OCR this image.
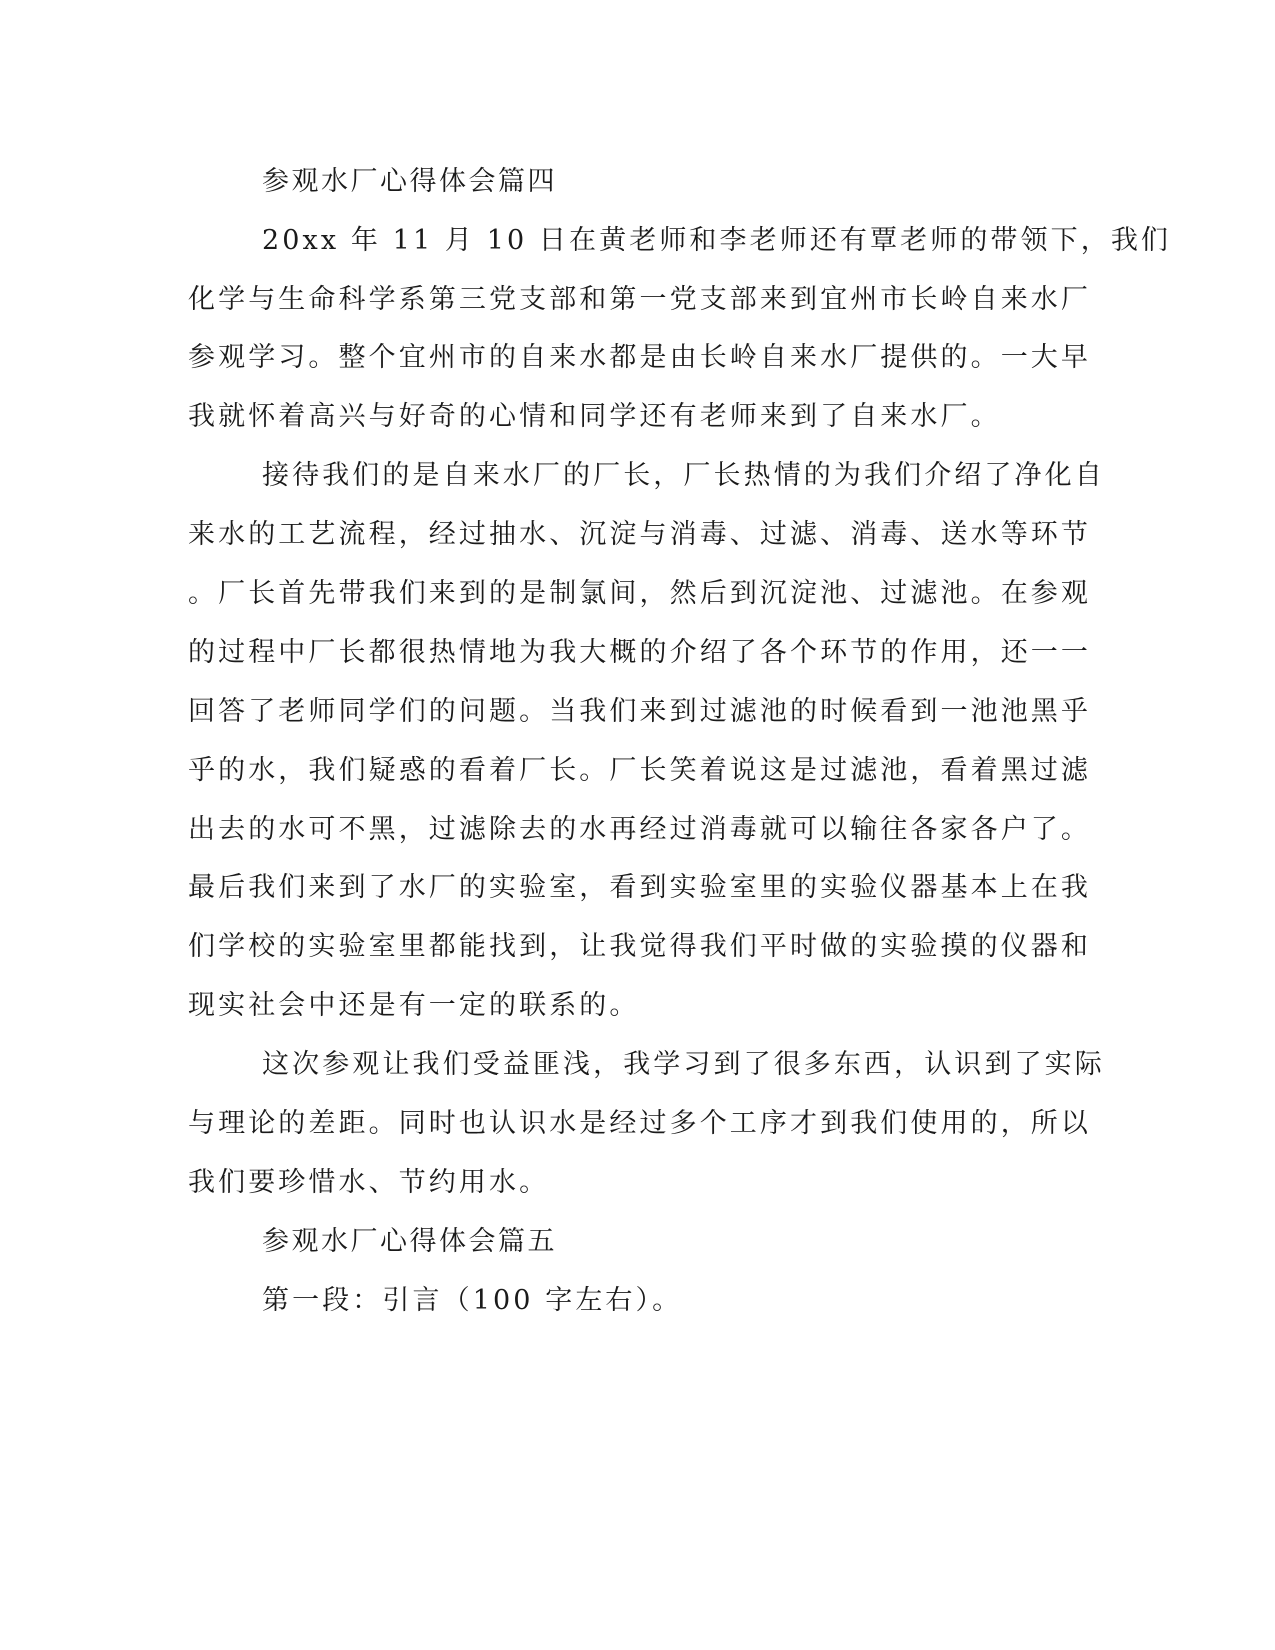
参观水厂心得体会篇四

20xx 年 11 月 10 日在黄老师和李老师还有覃老师的带领下，我们

化学与生命科学系第三党支部和第一党支部来到宜州市长岭自来水厂

参观学习。整个宜州市的自来水都是由长岭自来水厂提供的。一大早

我就怀着高兴与好奇的心情和同学还有老师来到了自来水厂。

接待我们的是自来水厂的厂长，厂长热情的为我们介绍了净化自

来水的工艺流程，经过抽水、沉淀与消毒、过滤、消毒、送水等环节

。厂长首先带我们来到的是制氯间，然后到沉淀池、过滤池。在参观

的过程中厂长都很热情地为我大概的介绍了各个环节的作用，还一一

回答了老师同学们的问题。当我们来到过滤池的时候看到一池池黑乎

乎的水，我们疑惑的看着厂长。厂长笑着说这是过滤池，看着黑过滤

出去的水可不黑，过滤除去的水再经过消毒就可以输往各家各户了。

最后我们来到了水厂的实验室，看到实验室里的实验仪器基本上在我

们学校的实验室里都能找到，让我觉得我们平时做的实验摸的仪器和

现实社会中还是有一定的联系的。

这次参观让我们受益匪浅，我学习到了很多东西，认识到了实际

与理论的差距。同时也认识水是经过多个工序才到我们使用的，所以

我们要珍惜水、节约用水。

参观水厂心得体会篇五

第一段：引言（100 字左右）。
